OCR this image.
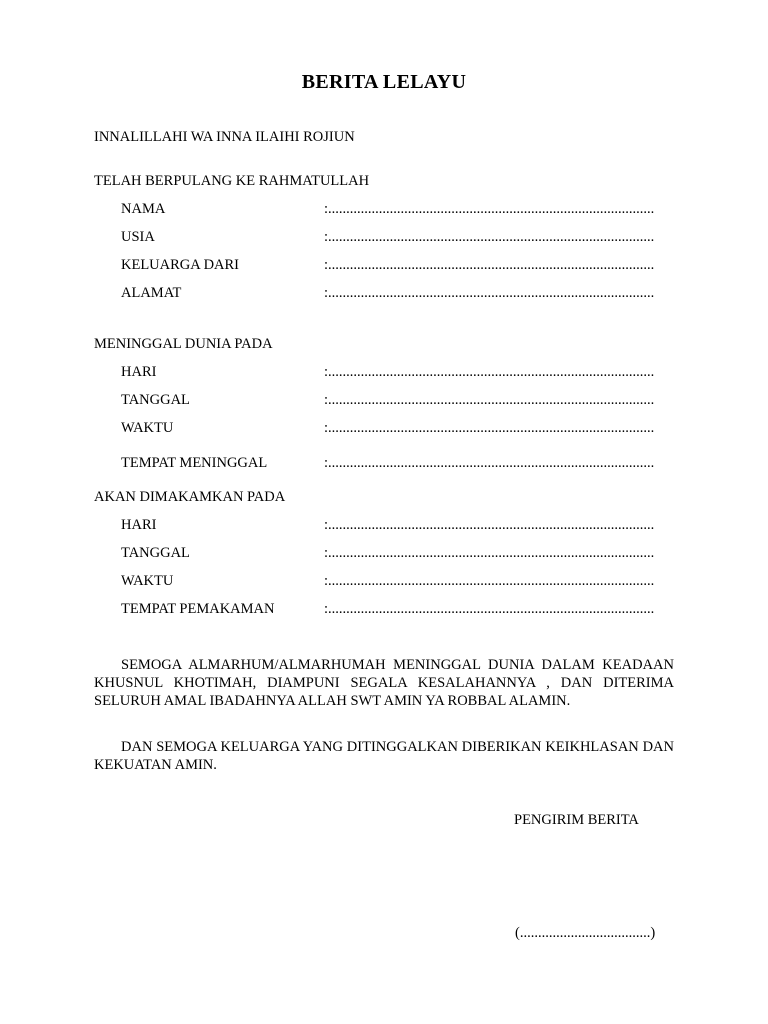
BERITA LELAYU
INNALILLAHI WA INNA ILAIHI ROJIUN
TELAH BERPULANG KE RAHMATULLAH
NAMA	:..........................................................................................
USIA	:..........................................................................................
KELUARGA DARI	:..........................................................................................
ALAMAT	:..........................................................................................
MENINGGAL DUNIA PADA
HARI	:..........................................................................................
TANGGAL	:..........................................................................................
WAKTU	:..........................................................................................
TEMPAT MENINGGAL	:..........................................................................................
AKAN DIMAKAMKAN PADA
HARI	:..........................................................................................
TANGGAL	:..........................................................................................
WAKTU	:..........................................................................................
TEMPAT PEMAKAMAN	:..........................................................................................
SEMOGA ALMARHUM/ALMARHUMAH MENINGGAL DUNIA DALAM KEADAAN KHUSNUL KHOTIMAH, DIAMPUNI SEGALA KESALAHANNYA , DAN DITERIMA SELURUH AMAL IBADAHNYA ALLAH SWT AMIN YA ROBBAL ALAMIN.
DAN SEMOGA KELUARGA YANG DITINGGALKAN DIBERIKAN KEIKHLASAN DAN KEKUATAN AMIN.
PENGIRIM BERITA
(....................................)
